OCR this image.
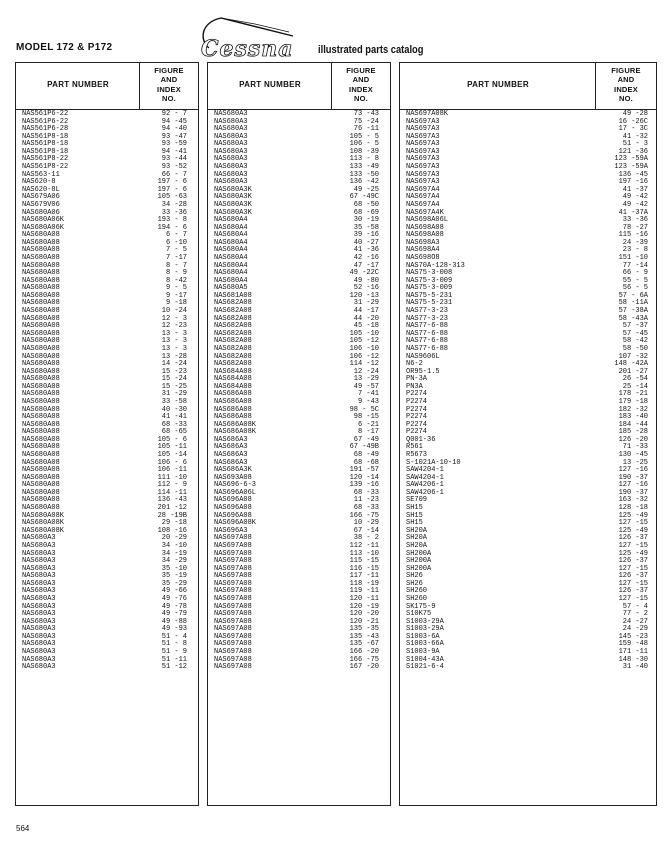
MODEL 172 & P172	Cessna illustrated parts catalog
PART NUMBER
FIGURE
AND
INDEX
NO.
NAS561P6-22	92 - 7
NAS561P6-22	94 -45
NAS561P6-28	94 -40
NAS561P8-18	93 -47
NAS561P8-18	93 -59
NAS561P8-18	94 -41
NAS561P8-22	93 -44
NAS561P8-22	93 -52
NAS563-11	66 - 7
NAS620-8	197 - 6
NAS620-8L	197 - 6
NAS679A06	105 -63
NAS679V06	34 -28
NAS680A06	33 -36
NAS680A06K	193 - 8
NAS680A06K	194 - 6
NAS680A08	6 - 7
NAS680A08	6 -10
NAS680A08	7 - 5
NAS680A08	7 -17
NAS680A08	8 - 7
NAS680A08	8 - 9
NAS680A08	8 -42
NAS680A08	9 - 5
NAS680A08	9 -17
NAS680A08	9 -18
NAS680A08	10 -24
NAS680A08	12 - 3
NAS680A08	12 -23
NAS680A08	13 - 3
NAS680A08	13 - 3
NAS680A08	13 - 3
NAS680A08	13 -28
NAS680A08	14 -24
NAS680A08	15 -23
NAS680A08	15 -24
NAS680A08	15 -25
NAS680A08	31 -29
NAS680A08	33 -58
NAS680A08	40 -30
NAS680A08	41 -41
NAS680A08	68 -33
NAS680A08	68 -65
NAS680A08	105 - 6
NAS680A08	105 -11
NAS680A08	105 -14
NAS680A08	106 - 6
NAS680A08	106 -11
NAS680A08	111 -10
NAS680A08	112 - 9
NAS680A08	114 -11
NAS680A08	136 -43
NAS680A08	201 -12
NAS680A08K	28 -19B
NAS680A08K	29 -18
NAS680A08K	108 -16
NAS680A3	20 -29
NAS680A3	34 -10
NAS680A3	34 -19
NAS680A3	34 -29
NAS680A3	35 -10
NAS680A3	35 -19
NAS680A3	35 -29
NAS680A3	49 -66
NAS680A3	49 -76
NAS680A3	49 -78
NAS680A3	49 -79
NAS680A3	49 -88
NAS680A3	49 -93
NAS680A3	51 - 4
NAS680A3	51 - 8
NAS680A3	51 - 9
NAS680A3	51 -11
NAS680A3	51 -12
PART NUMBER
FIGURE
AND
INDEX
NO.
NAS680A3	73 -43
NAS680A3	75 -24
NAS680A3	76 -11
NAS680A3	105 - 5
NAS680A3	106 - 5
NAS680A3	108 -39
NAS680A3	113 - 8
NAS680A3	133 -49
NAS680A3	133 -50
NAS680A3	136 -42
NAS680A3K	49 -25
NAS680A3K	67 -49C
NAS680A3K	68 -50
NAS680A3K	68 -69
NAS680A4	30 -19
NAS680A4	35 -58
NAS680A4	39 -16
NAS680A4	40 -27
NAS680A4	41 -36
NAS680A4	42 -16
NAS680A4	47 -17
NAS680A4	49 -22C
NAS680A4	49 -80
NAS680A5	52 -16
NAS681A08	120 -13
NAS682A08	31 -29
NAS682A08	44 -17
NAS682A08	44 -20
NAS682A08	45 -18
NAS682A08	105 -10
NAS682A08	105 -12
NAS682A08	106 -10
NAS682A08	106 -12
NAS682A08	114 -12
NAS684A08	12 -24
NAS684A08	13 -29
NAS684A08	49 -57
NAS686A08	7 -41
NAS686A08	9 -43
NAS686A08	98 - 5C
NAS686A08	98 -15
NAS686A08K	6 -21
NAS686A08K	8 -17
NAS686A3	67 -49
NAS686A3	67 -49B
NAS686A3	68 -49
NAS686A3	68 -68
NAS686A3K	191 -57
NAS693A08	120 -14
NAS696-6-3	139 -16
NAS696A06L	68 -33
NAS696A08	11 -23
NAS696A08	68 -33
NAS696A08	166 -75
NAS696A08K	10 -29
NAS696A3	67 -14
NAS697A08	38 - 2
NAS697A08	112 -11
NAS697A08	113 -10
NAS697A08	115 -15
NAS697A08	116 -15
NAS697A08	117 -11
NAS697A08	118 -19
NAS697A08	119 -11
NAS697A08	120 -11
NAS697A08	120 -19
NAS697A08	120 -20
NAS697A08	120 -21
NAS697A08	135 -35
NAS697A08	135 -43
NAS697A08	135 -67
NAS697A08	166 -20
NAS697A08	166 -75
NAS697A08	167 -20
PART NUMBER
FIGURE
AND
INDEX
NO.
NAS697A08K	49 -28
NAS697A3	16 -26C
NAS697A3	17 - 3C
NAS697A3	41 -32
NAS697A3	51 - 3
NAS697A3	121 -36
NAS697A3	123 -59A
NAS697A3	123 -59A
NAS697A3	136 -45
NAS697A3	197 -16
NAS697A4	41 -37
NAS697A4	49 -42
NAS697A4	49 -42
NAS697A4K	41 -37A
NAS698A06L	33 -36
NAS698A08	78 -27
NAS698A08	115 -16
NAS698A3	24 -39
NAS698A4	23 - 8
NAS698O8	151 -10
NAS70A-128-313	77 -14
NAS75-3-008	66 - 9
NAS75-3-009	55 - 5
NAS75-3-009	56 - 5
NAS75-5-231	57 - 6A
NAS75-5-231	58 -11A
NAS77-3-23	57 -38A
NAS77-3-23	58 -43A
NAS77-6-88	57 -37
NAS77-6-88	57 -45
NAS77-6-88	58 -42
NAS77-6-88	58 -50
NAS9606L	107 -32
N6-2	148 -42A
OR95-1.5	201 -27
PN-3A	26 -54
PN3A	25 -14
P2274	178 -21
P2274	179 -18
P2274	182 -32
P2274	183 -40
P2274	184 -44
P2274	185 -28
Q001-36	126 -20
R561	71 -33
R5673	130 -45
S-1021A-10-10	13 -25
SAW4204-1	127 -16
SAW4204-1	190 -37
SAW4206-1	127 -16
SAW4206-1	190 -37
SE709	163 -32
SH15	128 -18
SH15	125 -49
SH15	127 -15
SH20A	125 -49
SH20A	126 -37
SH20A	127 -15
SH200A	125 -49
SH200A	126 -37
SH200A	127 -15
SH26	126 -37
SH26	127 -15
SH260	126 -37
SH260	127 -15
SK175-9	57 - 4
S10K75	77 - 2
S1003-29A	24 -27
S1003-29A	24 -29
S1003-6A	145 -23
S1003-66A	159 -48
S1003-9A	171 -11
S1004-43A	148 -30
S1021-6-4	31 -40
564
